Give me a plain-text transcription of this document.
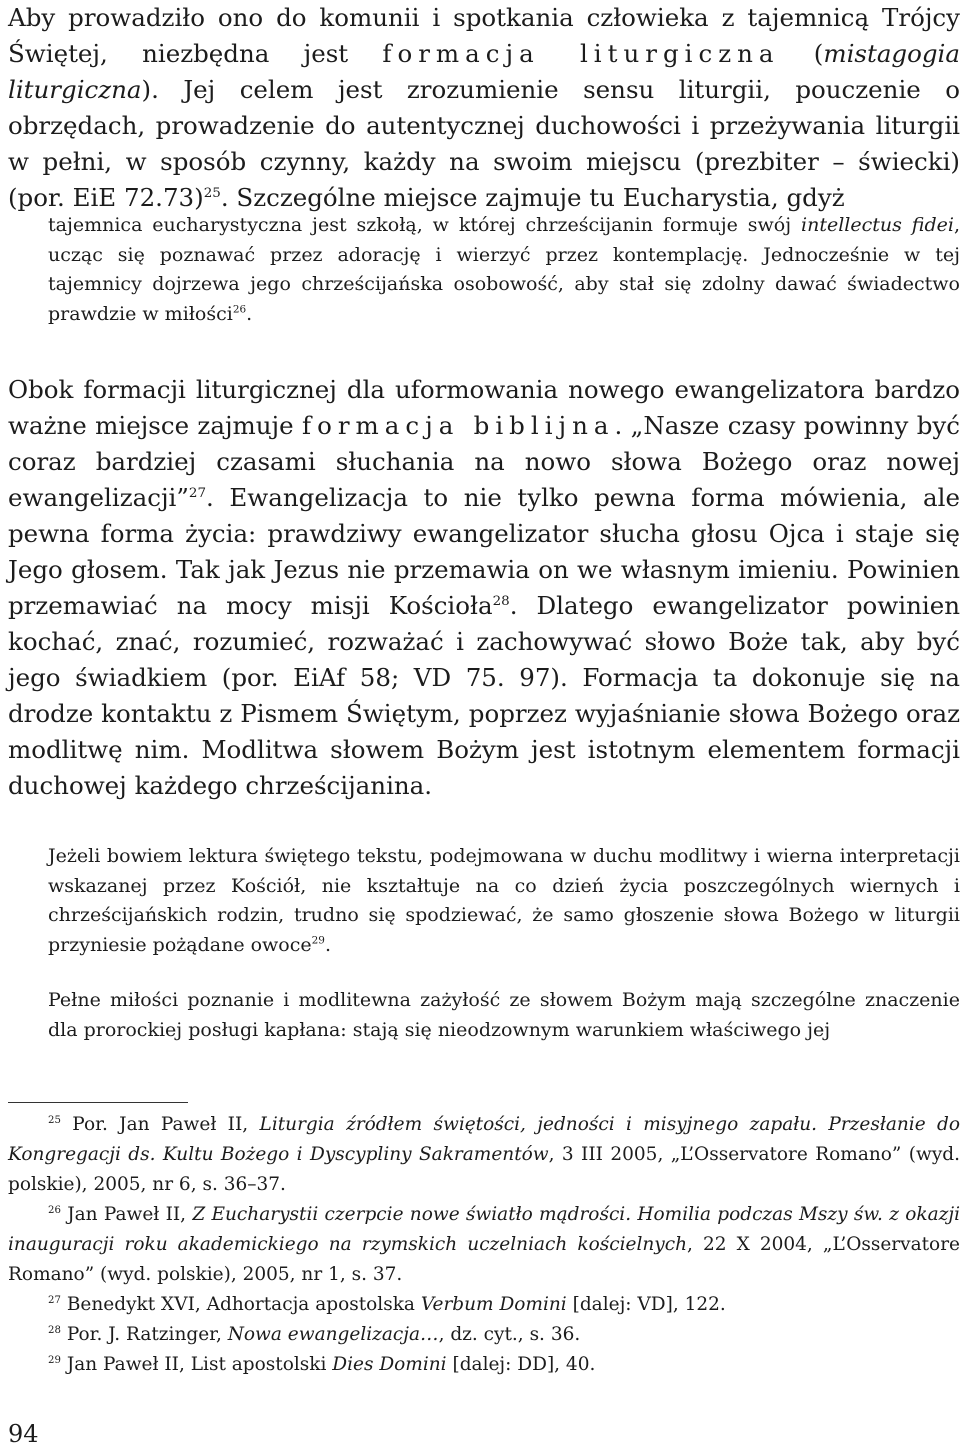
Aby prowadziło ono do komunii i spotkania człowieka z tajemnicą Trójcy Świętej, niezbędna jest formacja liturgiczna (mistagogia liturgiczna). Jej celem jest zrozumienie sensu liturgii, pouczenie o obrzędach, prowadzenie do autentycznej duchowości i przeżywania liturgii w pełni, w sposób czynny, każdy na swoim miejscu (prezbiter – świecki) (por. EiE 72.73)$^{25}$. Szczególne miejsce zajmuje tu Eucharystia, gdyż

tajemnica eucharystyczna jest szkołą, w której chrześcijanin formuje swój intellectus fidei, ucząc się poznawać przez adorację i wierzyć przez kontemplację. Jednocześnie w tej tajemnicy dojrzewa jego chrześcijańska osobowość, aby stał się zdolny dawać świadectwo prawdzie w miłości$^{26}$.

Obok formacji liturgicznej dla uformowania nowego ewangelizatora bardzo ważne miejsce zajmuje formacja biblijna. „Nasze czasy powinny być coraz bardziej czasami słuchania na nowo słowa Bożego oraz nowej ewangelizacji”$^{27}$. Ewangelizacja to nie tylko pewna forma mówienia, ale pewna forma życia: prawdziwy ewangelizator słucha głosu Ojca i staje się Jego głosem. Tak jak Jezus nie przemawia on we własnym imieniu. Powinien przemawiać na mocy misji Kościoła$^{28}$. Dlatego ewangelizator powinien kochać, znać, rozumieć, rozważać i zachowywać słowo Boże tak, aby być jego świadkiem (por. EiAf 58; VD 75. 97). Formacja ta dokonuje się na drodze kontaktu z Pismem Świętym, poprzez wyjaśnianie słowa Bożego oraz modlitwę nim. Modlitwa słowem Bożym jest istotnym elementem formacji duchowej każdego chrześcijanina.

Jeżeli bowiem lektura świętego tekstu, podejmowana w duchu modlitwy i wierna interpretacji wskazanej przez Kościół, nie kształtuje na co dzień życia poszczególnych wiernych i chrześcijańskich rodzin, trudno się spodziewać, że samo głoszenie słowa Bożego w liturgii przyniesie pożądane owoce$^{29}$.

Pełne miłości poznanie i modlitewna zażyłość ze słowem Bożym mają szczególne znaczenie dla prorockiej posługi kapłana: stają się nieodzownym warunkiem właściwego jej

$^{25}$ Por. Jan Paweł II, Liturgia źródłem świętości, jedności i misyjnego zapału. Przesłanie do Kongregacji ds. Kultu Bożego i Dyscypliny Sakramentów, 3 III 2005, „L’Osservatore Romano” (wyd. polskie), 2005, nr 6, s. 36–37.

$^{26}$ Jan Paweł II, Z Eucharystii czerpcie nowe światło mądrości. Homilia podczas Mszy św. z okazji inauguracji roku akademickiego na rzymskich uczelniach kościelnych, 22 X 2004, „L’Osservatore Romano” (wyd. polskie), 2005, nr 1, s. 37.

$^{27}$ Benedykt XVI, Adhortacja apostolska Verbum Domini [dalej: VD], 122.

$^{28}$ Por. J. Ratzinger, Nowa ewangelizacja…, dz. cyt., s. 36.

$^{29}$ Jan Paweł II, List apostolski Dies Domini [dalej: DD], 40.

94
